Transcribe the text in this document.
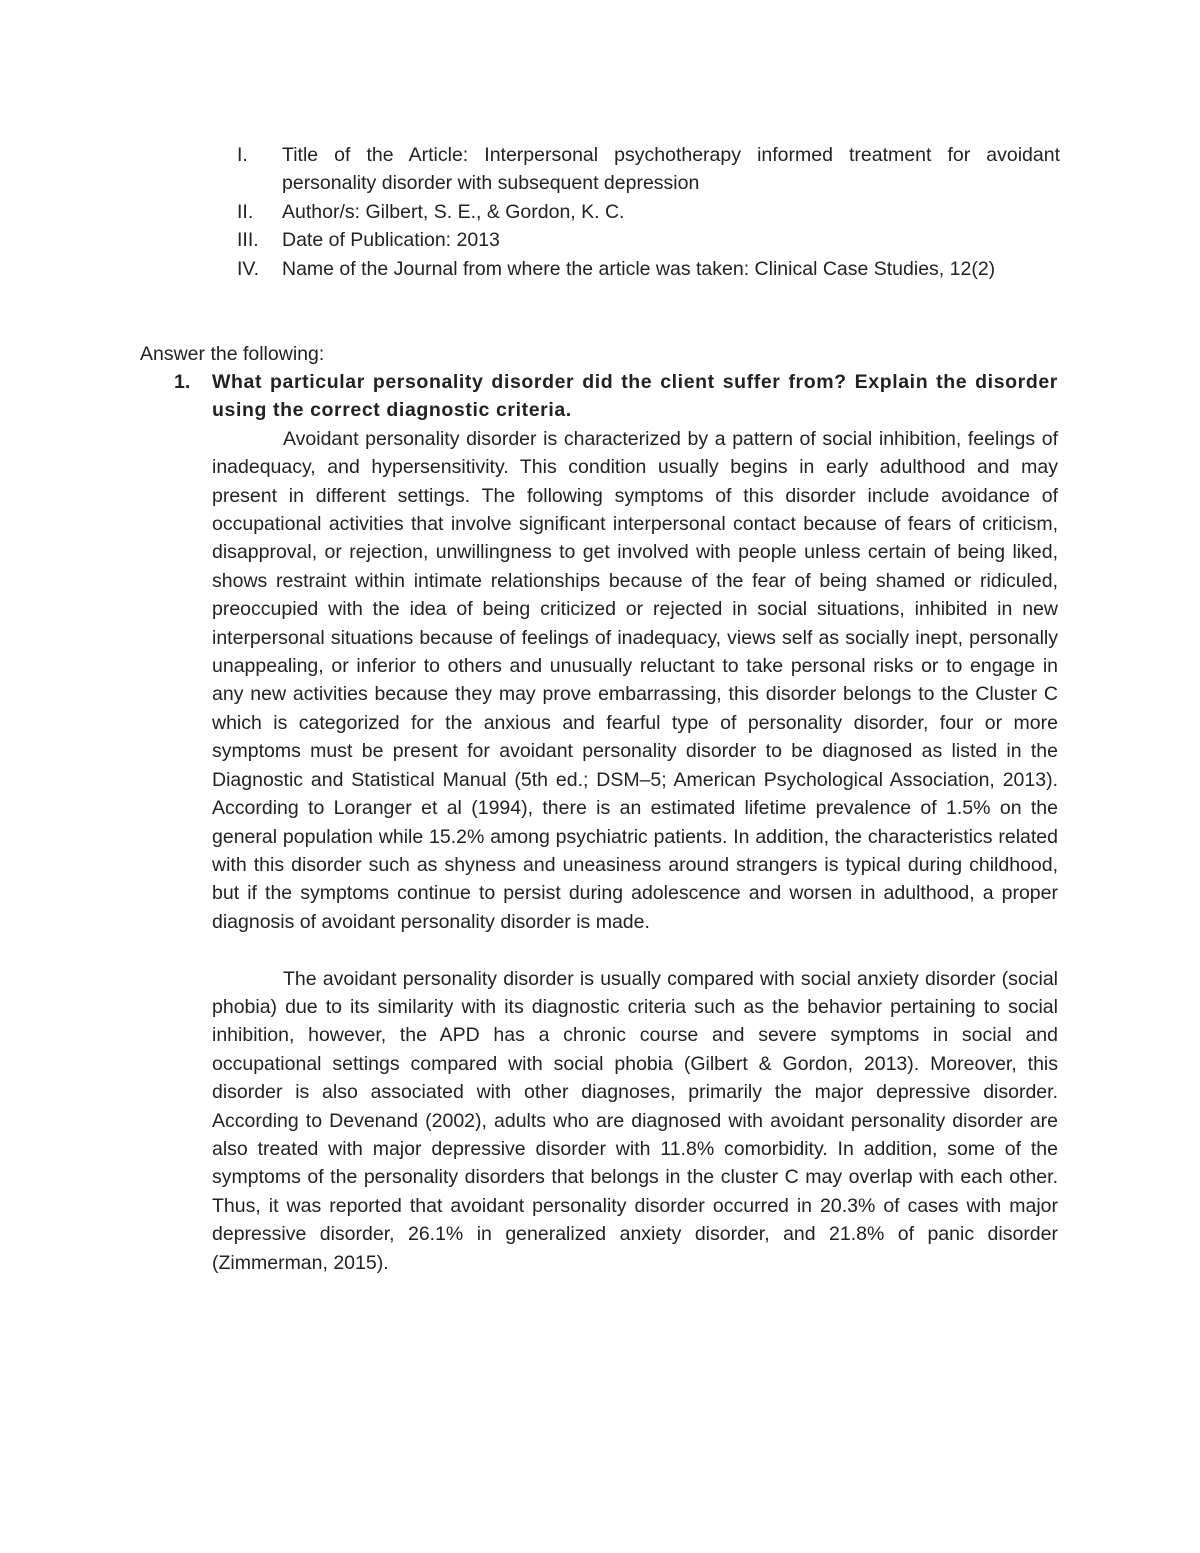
I.	Title of the Article: Interpersonal psychotherapy informed treatment for avoidant personality disorder with subsequent depression
II.	Author/s: Gilbert, S. E., & Gordon, K. C.
III.	Date of Publication: 2013
IV.	Name of the Journal from where the article was taken: Clinical Case Studies, 12(2)

Answer the following:

1. What particular personality disorder did the client suffer from? Explain the disorder using the correct diagnostic criteria.

Avoidant personality disorder is characterized by a pattern of social inhibition, feelings of inadequacy, and hypersensitivity. This condition usually begins in early adulthood and may present in different settings. The following symptoms of this disorder include avoidance of occupational activities that involve significant interpersonal contact because of fears of criticism, disapproval, or rejection, unwillingness to get involved with people unless certain of being liked, shows restraint within intimate relationships because of the fear of being shamed or ridiculed, preoccupied with the idea of being criticized or rejected in social situations, inhibited in new interpersonal situations because of feelings of inadequacy, views self as socially inept, personally unappealing, or inferior to others and unusually reluctant to take personal risks or to engage in any new activities because they may prove embarrassing, this disorder belongs to the Cluster C which is categorized for the anxious and fearful type of personality disorder, four or more symptoms must be present for avoidant personality disorder to be diagnosed as listed in the Diagnostic and Statistical Manual (5th ed.; DSM–5; American Psychological Association, 2013). According to Loranger et al (1994), there is an estimated lifetime prevalence of 1.5% on the general population while 15.2% among psychiatric patients. In addition, the characteristics related with this disorder such as shyness and uneasiness around strangers is typical during childhood, but if the symptoms continue to persist during adolescence and worsen in adulthood, a proper diagnosis of avoidant personality disorder is made.

The avoidant personality disorder is usually compared with social anxiety disorder (social phobia) due to its similarity with its diagnostic criteria such as the behavior pertaining to social inhibition, however, the APD has a chronic course and severe symptoms in social and occupational settings compared with social phobia (Gilbert & Gordon, 2013). Moreover, this disorder is also associated with other diagnoses, primarily the major depressive disorder. According to Devenand (2002), adults who are diagnosed with avoidant personality disorder are also treated with major depressive disorder with 11.8% comorbidity. In addition, some of the symptoms of the personality disorders that belongs in the cluster C may overlap with each other. Thus, it was reported that avoidant personality disorder occurred in 20.3% of cases with major depressive disorder, 26.1% in generalized anxiety disorder, and 21.8% of panic disorder (Zimmerman, 2015).
